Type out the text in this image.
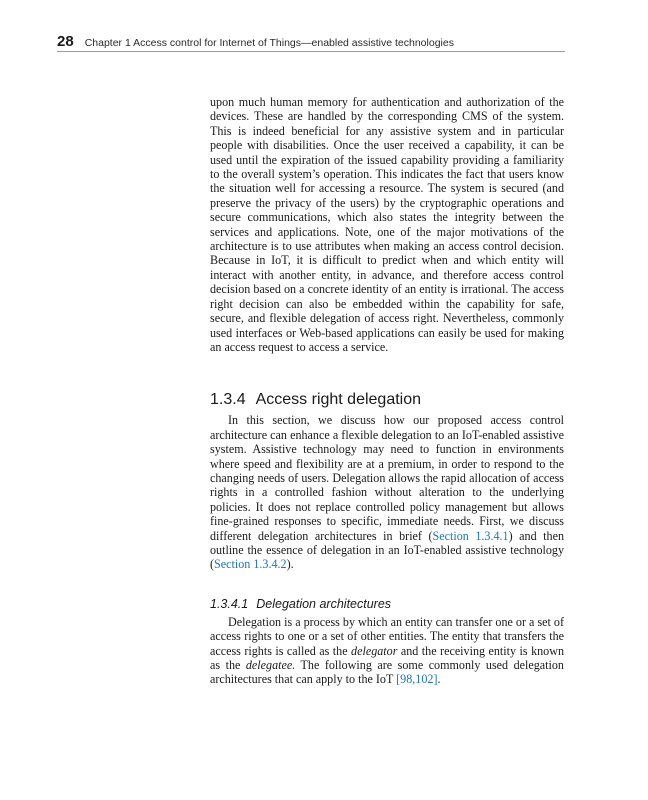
28 Chapter 1 Access control for Internet of Things—enabled assistive technologies

upon much human memory for authentication and authorization of the devices. These are handled by the corresponding CMS of the system. This is indeed beneficial for any assistive system and in particular people with disabilities. Once the user received a capability, it can be used until the expiration of the issued capability providing a familiarity to the overall system’s operation. This indicates the fact that users know the situation well for accessing a resource. The system is secured (and preserve the privacy of the users) by the cryptographic operations and secure communications, which also states the integrity between the services and applications. Note, one of the major motivations of the architecture is to use attributes when making an access control decision. Because in IoT, it is difficult to predict when and which entity will interact with another entity, in advance, and therefore access control decision based on a concrete identity of an entity is irrational. The access right decision can also be embedded within the capability for safe, secure, and flexible delegation of access right. Nevertheless, commonly used interfaces or Web-based applications can easily be used for making an access request to access a service.

1.3.4 Access right delegation

In this section, we discuss how our proposed access control architecture can enhance a flexible delegation to an IoT-enabled assistive system. Assistive technology may need to function in environments where speed and flexibility are at a premium, in order to respond to the changing needs of users. Delegation allows the rapid allocation of access rights in a controlled fashion without alteration to the underlying policies. It does not replace controlled policy management but allows fine-grained responses to specific, immediate needs. First, we discuss different delegation architectures in brief (Section 1.3.4.1) and then outline the essence of delegation in an IoT-enabled assistive technology (Section 1.3.4.2).

1.3.4.1 Delegation architectures

Delegation is a process by which an entity can transfer one or a set of access rights to one or a set of other entities. The entity that transfers the access rights is called as the delegator and the receiving entity is known as the delegatee. The following are some commonly used delegation architectures that can apply to the IoT [98,102].
